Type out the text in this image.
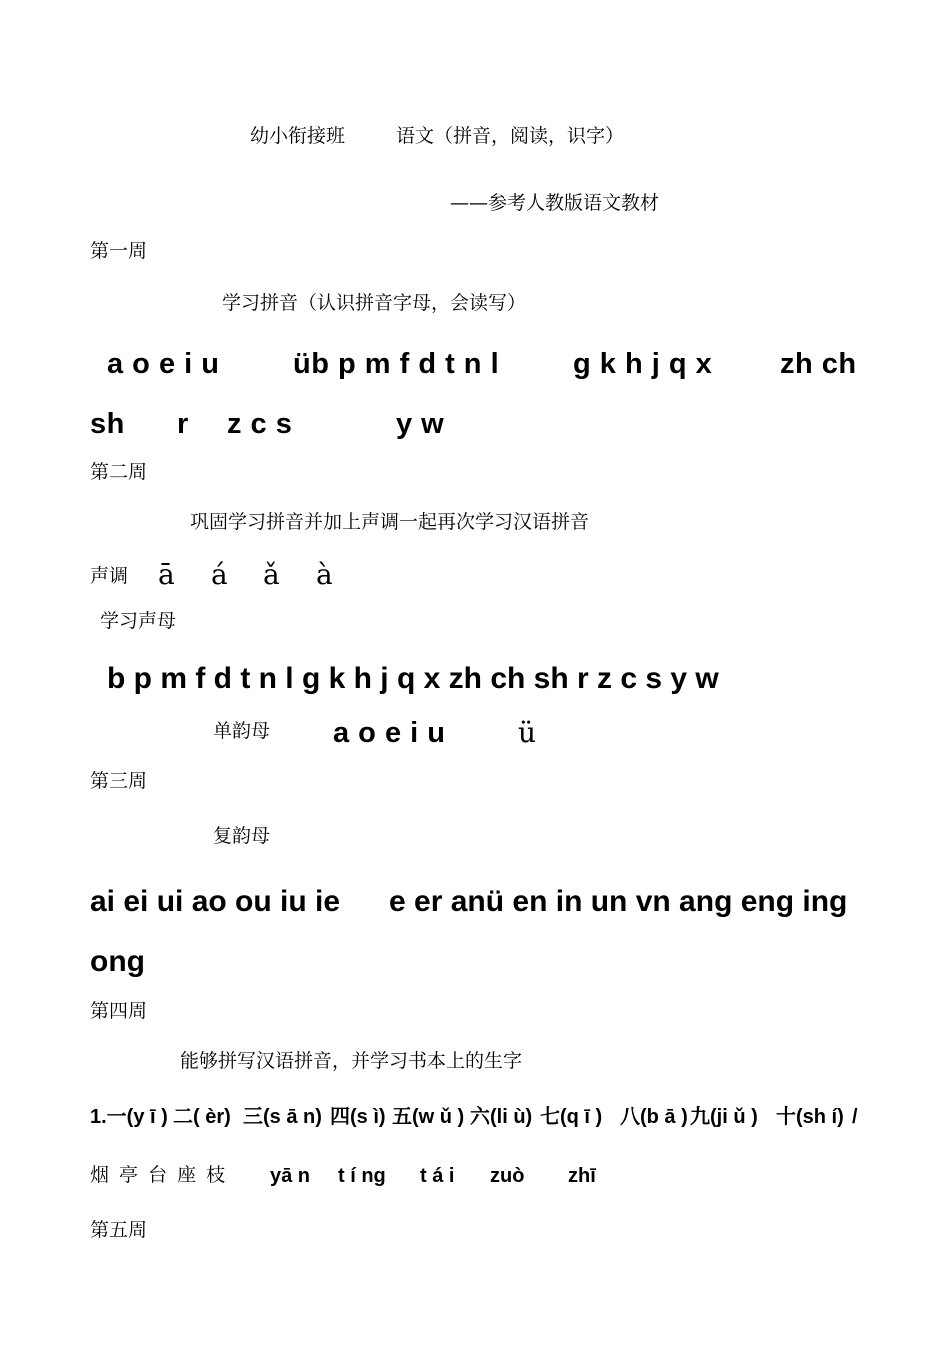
幼小衔接班	语文（拼音，阅读，识字）
——参考人教版语文教材
第一周
学习拼音（认识拼音字母，会读写）
a o e i u	üb p m f d t n l	g k h j q x zh ch
sh r z c s	y w
第二周
巩固学习拼音并加上声调一起再次学习汉语拼音
声调 ā á ǎ à
学习声母
b p m f d t n l g k h j q x zh ch sh r z c s y w
单韵母 a o e i u	ü
第三周
复韵母
ai ei ui ao ou iu ie e er anü en in un vn ang eng ing
ong
第四周
能够拼写汉语拼音，并学习书本上的生字
1.一(y ī ) 二( èr) 三(s ā n) 四(s ì) 五(w ǔ ) 六(li ù) 七(q ī ) 八(b ā ) 九(ji ǔ ) 十(sh í) /
烟 亭 台 座 枝 yā n t í ng t á i zuò zhī
第五周
